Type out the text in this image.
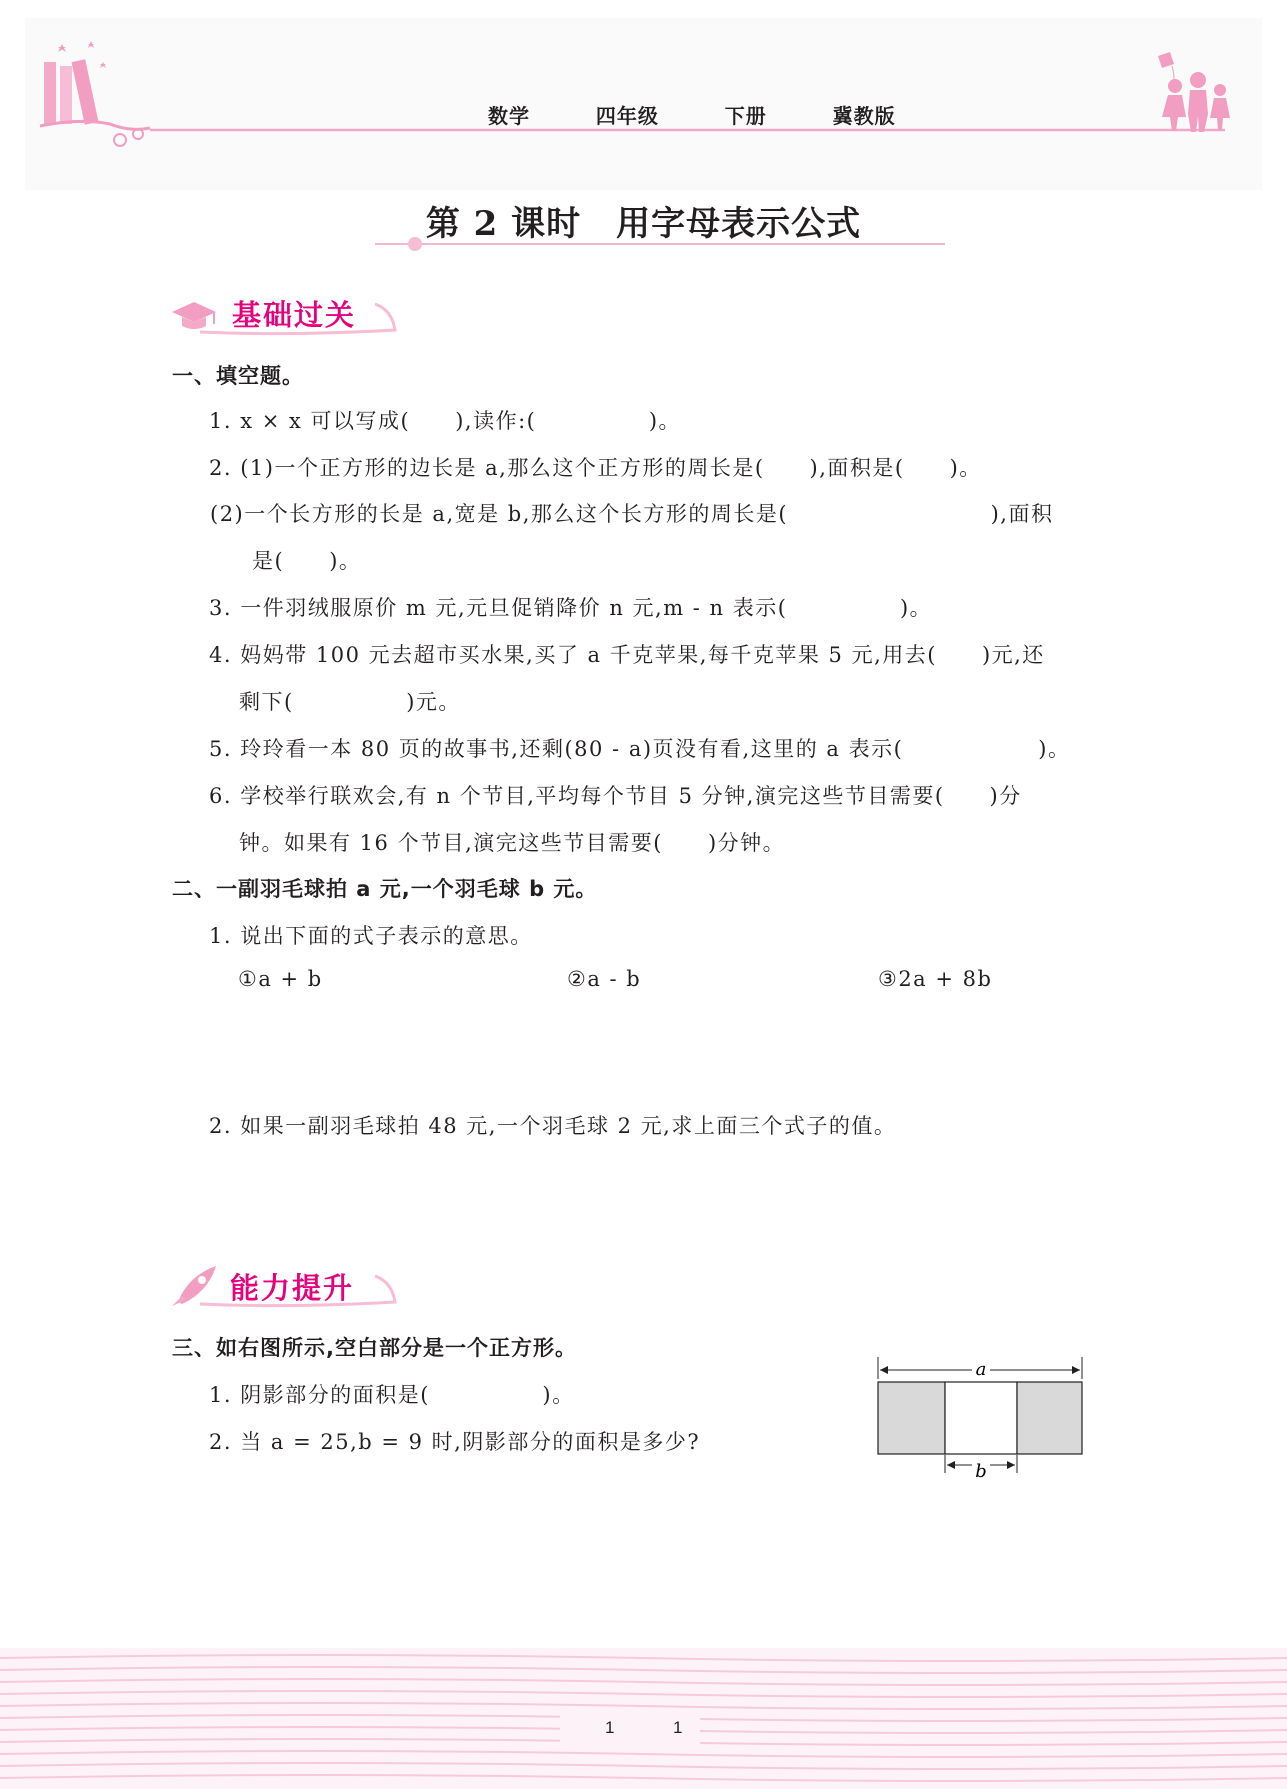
数学   四年级   下册   冀教版
第 2 课时　用字母表示公式
基础过关
一、填空题。
1. x × x 可以写成(　　),读作:(　　　　　)。
2. (1)一个正方形的边长是 a,那么这个正方形的周长是(　　),面积是(　　)。
(2)一个长方形的长是 a,宽是 b,那么这个长方形的周长是(　　　　　　　　　),面积
是(　　)。
3. 一件羽绒服原价 m 元,元旦促销降价 n 元,m - n 表示(　　　　　)。
4. 妈妈带 100 元去超市买水果,买了 a 千克苹果,每千克苹果 5 元,用去(　　)元,还
剩下(　　　　　)元。
5. 玲玲看一本 80 页的故事书,还剩(80 - a)页没有看,这里的 a 表示(　　　　　　)。
6. 学校举行联欢会,有 n 个节目,平均每个节目 5 分钟,演完这些节目需要(　　)分
钟。如果有 16 个节目,演完这些节目需要(　　)分钟。
二、一副羽毛球拍 a 元,一个羽毛球 b 元。
1. 说出下面的式子表示的意思。
①a + b	②a - b	③2a + 8b
2. 如果一副羽毛球拍 48 元,一个羽毛球 2 元,求上面三个式子的值。
能力提升
三、如右图所示,空白部分是一个正方形。
1. 阴影部分的面积是(　　　　　)。
2. 当 a = 25,b = 9 时,阴影部分的面积是多少?
a
b
1	1
